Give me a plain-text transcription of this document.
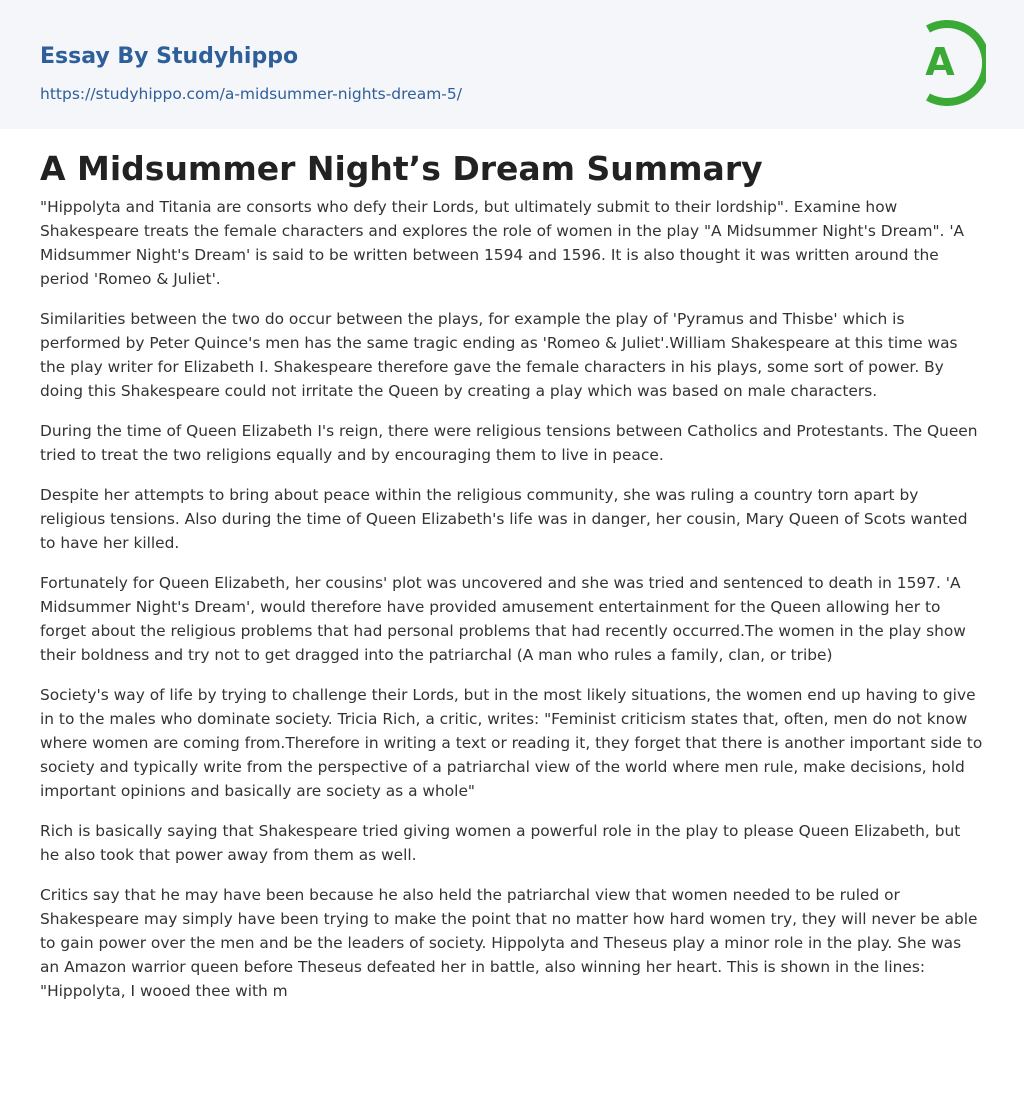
Essay By Studyhippo
https://studyhippo.com/a-midsummer-nights-dream-5/
A
A Midsummer Night’s Dream Summary

"Hippolyta and Titania are consorts who defy their Lords, but ultimately submit to their lordship". Examine how Shakespeare treats the female characters and explores the role of women in the play "A Midsummer Night's Dream". 'A Midsummer Night's Dream' is said to be written between 1594 and 1596. It is also thought it was written around the period 'Romeo & Juliet'.

Similarities between the two do occur between the plays, for example the play of 'Pyramus and Thisbe' which is performed by Peter Quince's men has the same tragic ending as 'Romeo & Juliet'.William Shakespeare at this time was the play writer for Elizabeth I. Shakespeare therefore gave the female characters in his plays, some sort of power. By doing this Shakespeare could not irritate the Queen by creating a play which was based on male characters.

During the time of Queen Elizabeth I's reign, there were religious tensions between Catholics and Protestants. The Queen tried to treat the two religions equally and by encouraging them to live in peace.

Despite her attempts to bring about peace within the religious community, she was ruling a country torn apart by religious tensions. Also during the time of Queen Elizabeth's life was in danger, her cousin, Mary Queen of Scots wanted to have her killed.

Fortunately for Queen Elizabeth, her cousins' plot was uncovered and she was tried and sentenced to death in 1597. 'A Midsummer Night's Dream', would therefore have provided amusement entertainment for the Queen allowing her to forget about the religious problems that had personal problems that had recently occurred.The women in the play show their boldness and try not to get dragged into the patriarchal (A man who rules a family, clan, or tribe)

Society's way of life by trying to challenge their Lords, but in the most likely situations, the women end up having to give in to the males who dominate society. Tricia Rich, a critic, writes: "Feminist criticism states that, often, men do not know where women are coming from.Therefore in writing a text or reading it, they forget that there is another important side to society and typically write from the perspective of a patriarchal view of the world where men rule, make decisions, hold important opinions and basically are society as a whole"

Rich is basically saying that Shakespeare tried giving women a powerful role in the play to please Queen Elizabeth, but he also took that power away from them as well.

Critics say that he may have been because he also held the patriarchal view that women needed to be ruled or Shakespeare may simply have been trying to make the point that no matter how hard women try, they will never be able to gain power over the men and be the leaders of society. Hippolyta and Theseus play a minor role in the play. She was an Amazon warrior queen before Theseus defeated her in battle, also winning her heart. This is shown in the lines: "Hippolyta, I wooed thee with m
